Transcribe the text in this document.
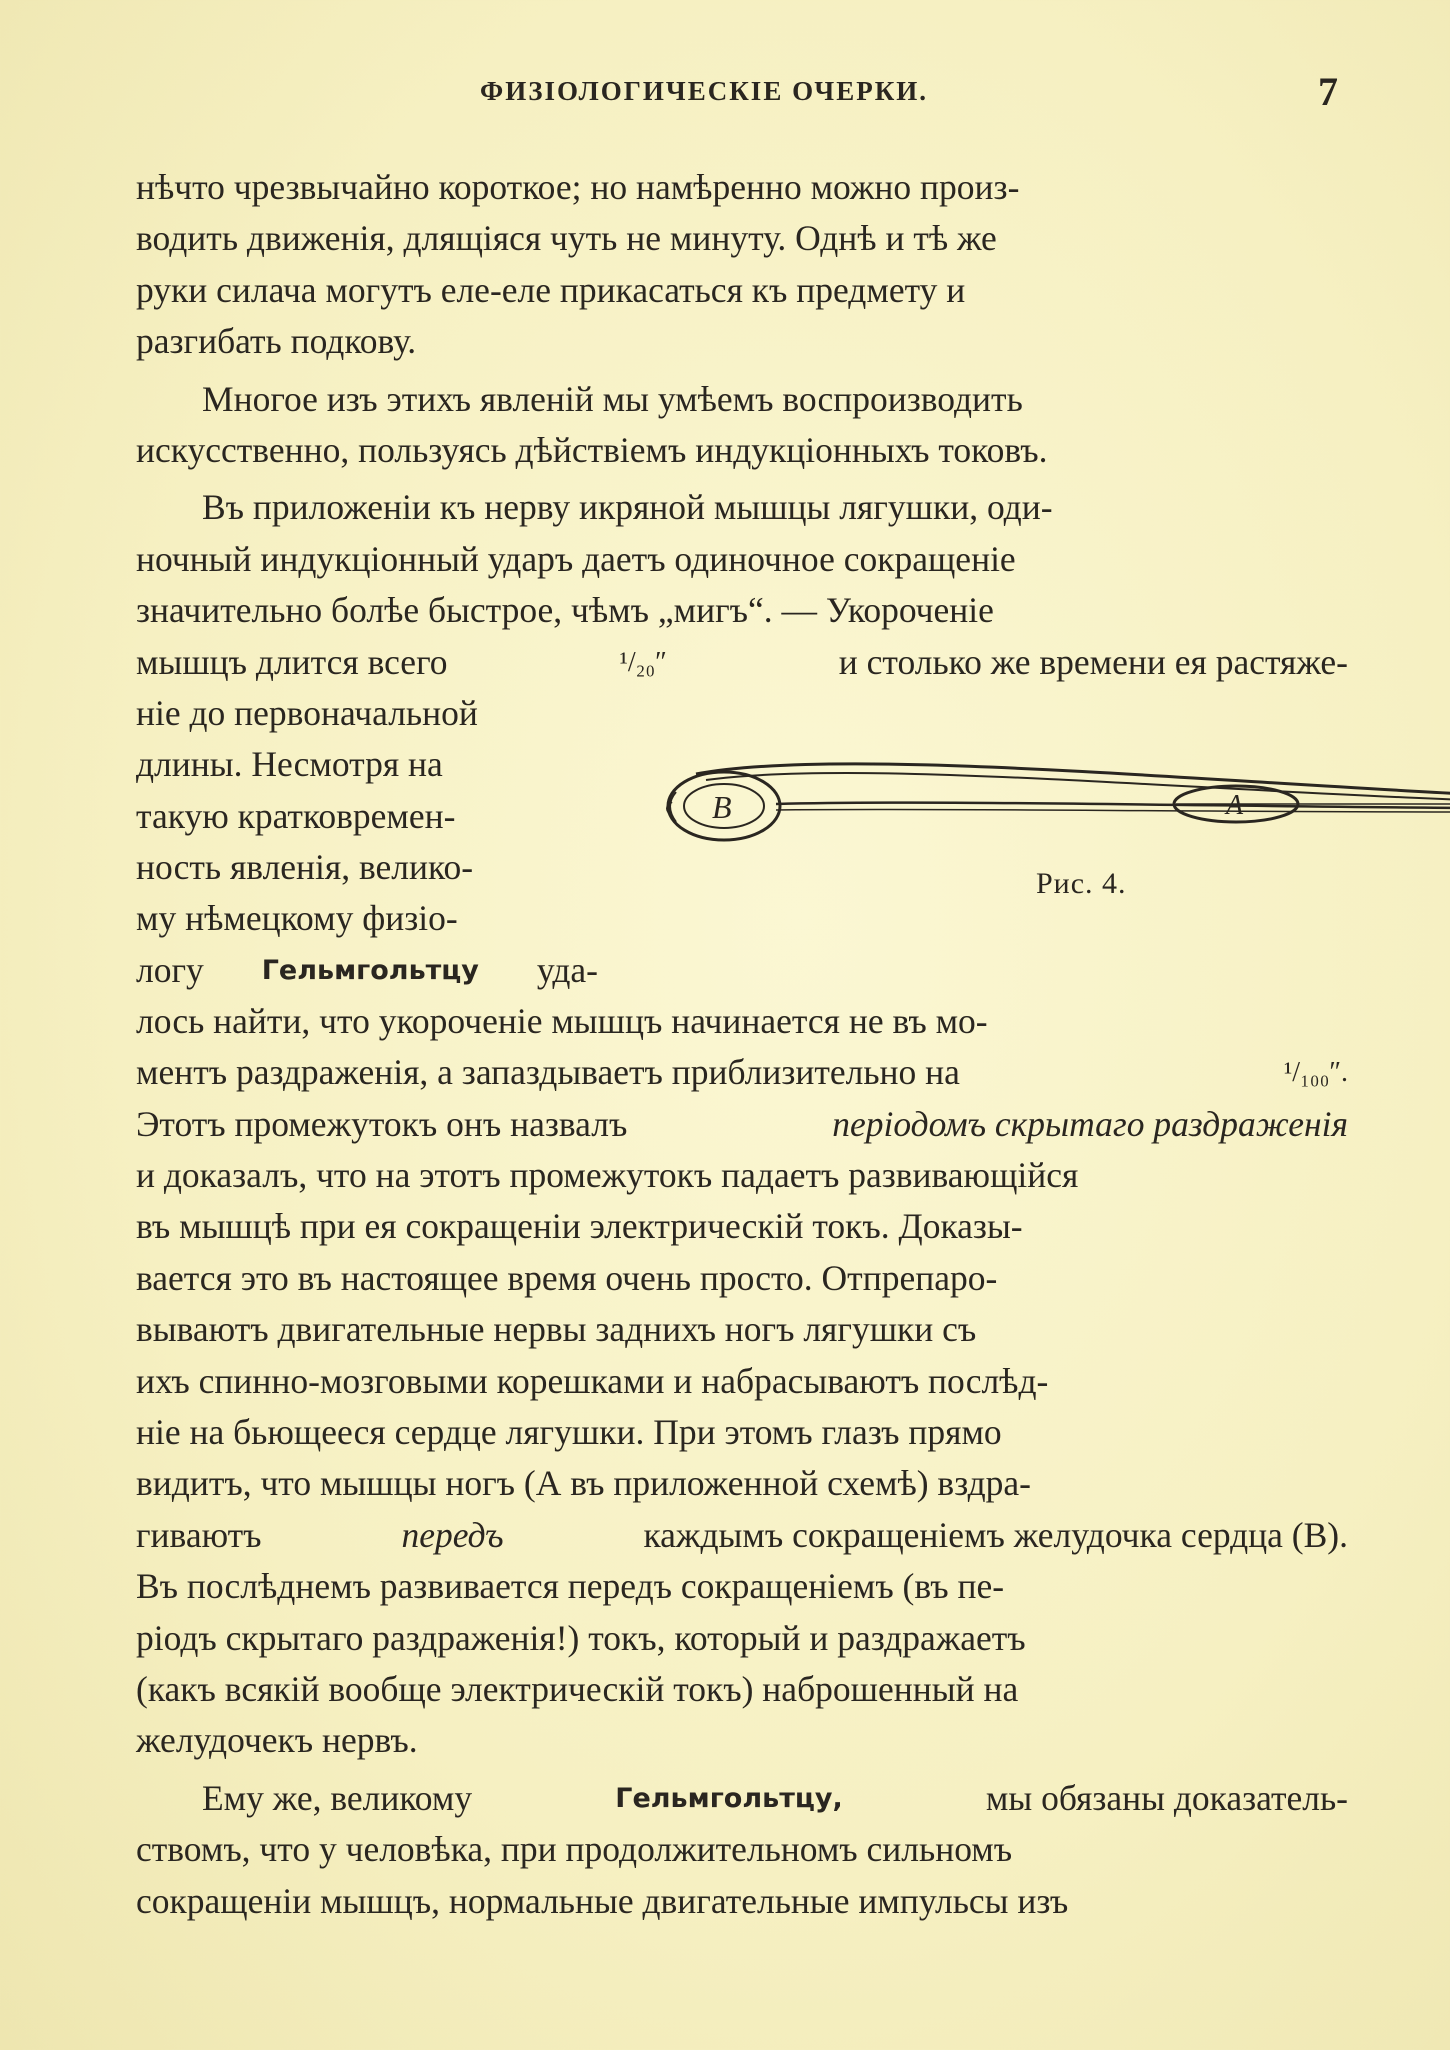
ФИЗІОЛОГИЧЕСКІЕ ОЧЕРКИ.	7
нѣчто чрезвычайно короткое; но намѣренно можно произ-
водить движенія, длящіяся чуть не минуту. Однѣ и тѣ же
руки силача могутъ еле-еле прикасаться къ предмету и
разгибать подкову.
Многое изъ этихъ явленій мы умѣемъ воспроизводить
искусственно, пользуясь дѣйствіемъ индукціонныхъ токовъ.
Въ приложеніи къ нерву икряной мышцы лягушки, оди-
ночный индукціонный ударъ даетъ одиночное сокращеніе
значительно болѣе быстрое, чѣмъ „мигъ“. — Укороченіе
мышцъ длится всего	¹/₂₀″	и столько же времени ея растяже-
ніе до первоначальной
длины. Несмотря на
такую кратковремен-
ность явленія, велико-
му нѣмецкому физіо-
логу Гельмгольтцу уда-
B	A
Рис. 4.
лось найти, что укороченіе мышцъ начинается не въ мо-
ментъ раздраженія, а запаздываетъ приблизительно на	¹/₁₀₀″.
Этотъ промежутокъ онъ назвалъ	періодомъ скрытаго раздраженія
и доказалъ, что на этотъ промежутокъ падаетъ развивающійся
въ мышцѣ при ея сокращеніи электрическій токъ. Доказы-
вается это въ настоящее время очень просто. Отпрепаро-
вываютъ двигательные нервы заднихъ ногъ лягушки съ
ихъ спинно-мозговыми корешками и набрасываютъ послѣд-
ніе на бьющееся сердце лягушки. При этомъ глазъ прямо
видитъ, что мышцы ногъ (А въ приложенной схемѣ) вздра-
гиваютъ	передъ	каждымъ сокращеніемъ желудочка сердца (В).
Въ послѣднемъ развивается передъ сокращеніемъ (въ пе-
ріодъ скрытаго раздраженія!) токъ, который и раздражаетъ
(какъ всякій вообще электрическій токъ) наброшенный на
желудочекъ нервъ.
Ему же, великому	Гельмгольтцу,	мы обязаны доказатель-
ствомъ, что у человѣка, при продолжительномъ сильномъ
сокращеніи мышцъ, нормальные двигательные импульсы изъ
